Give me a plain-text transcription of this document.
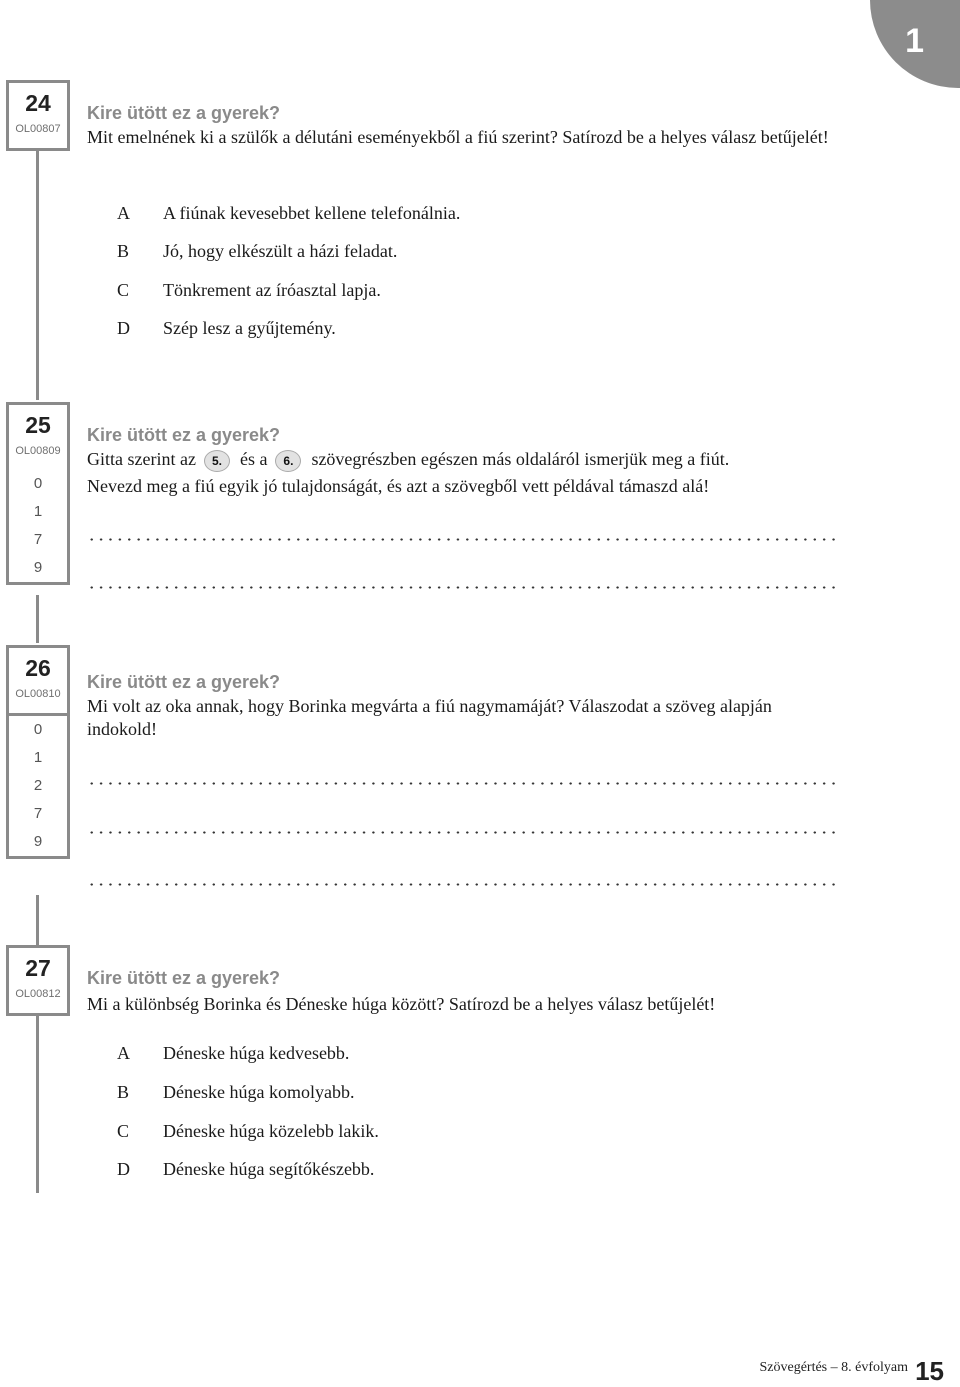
1
24
OL00807
Kire ütött ez a gyerek?
Mit emelnének ki a szülők a délutáni eseményekből a fiú szerint? Satírozd be a helyes válasz betűjelét!
A A fiúnak kevesebbet kellene telefonálnia.
B Jó, hogy elkészült a házi feladat.
C Tönkrement az íróasztal lapja.
D Szép lesz a gyűjtemény.
25
OL00809
0
1
7
9
Kire ütött ez a gyerek?
Gitta szerint az 5. és a 6. szövegrészben egészen más oldaláról ismerjük meg a fiút.
Nevezd meg a fiú egyik jó tulajdonságát, és azt a szövegből vett példával támaszd alá!
26
OL00810
0
1
2
7
9
Kire ütött ez a gyerek?
Mi volt az oka annak, hogy Borinka megvárta a fiú nagymamáját? Válaszodat a szöveg alapján indokold!
27
OL00812
Kire ütött ez a gyerek?
Mi a különbség Borinka és Déneske húga között? Satírozd be a helyes válasz betűjelét!
A Déneske húga kedvesebb.
B Déneske húga komolyabb.
C Déneske húga közelebb lakik.
D Déneske húga segítőkészebb.
Szövegértés – 8. évfolyam 15
